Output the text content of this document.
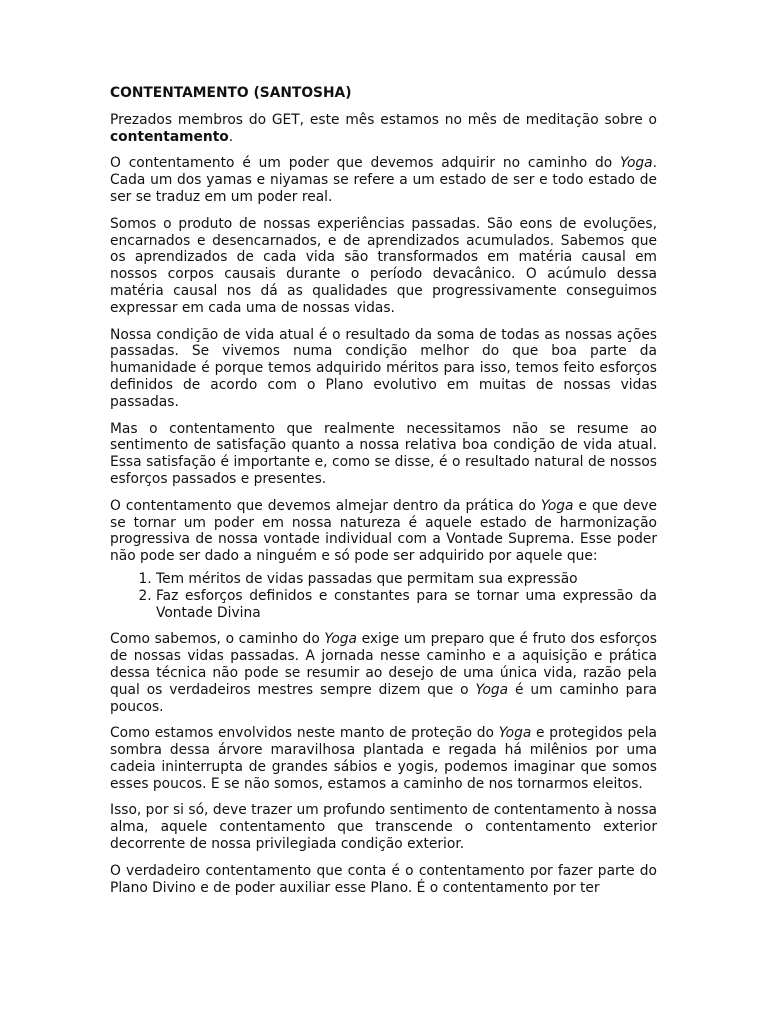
CONTENTAMENTO (SANTOSHA)

Prezados membros do GET, este mês estamos no mês de meditação sobre o contentamento.

O contentamento é um poder que devemos adquirir no caminho do Yoga. Cada um dos yamas e niyamas se refere a um estado de ser e todo estado de ser se traduz em um poder real.

Somos o produto de nossas experiências passadas. São eons de evoluções, encarnados e desencarnados, e de aprendizados acumulados. Sabemos que os aprendizados de cada vida são transformados em matéria causal em nossos corpos causais durante o período devacânico. O acúmulo dessa matéria causal nos dá as qualidades que progressivamente conseguimos expressar em cada uma de nossas vidas.

Nossa condição de vida atual é o resultado da soma de todas as nossas ações passadas. Se vivemos numa condição melhor do que boa parte da humanidade é porque temos adquirido méritos para isso, temos feito esforços definidos de acordo com o Plano evolutivo em muitas de nossas vidas passadas.

Mas o contentamento que realmente necessitamos não se resume ao sentimento de satisfação quanto a nossa relativa boa condição de vida atual. Essa satisfação é importante e, como se disse, é o resultado natural de nossos esforços passados e presentes.

O contentamento que devemos almejar dentro da prática do Yoga e que deve se tornar um poder em nossa natureza é aquele estado de harmonização progressiva de nossa vontade individual com a Vontade Suprema. Esse poder não pode ser dado a ninguém e só pode ser adquirido por aquele que:

1. Tem méritos de vidas passadas que permitam sua expressão
2. Faz esforços definidos e constantes para se tornar uma expressão da Vontade Divina

Como sabemos, o caminho do Yoga exige um preparo que é fruto dos esforços de nossas vidas passadas. A jornada nesse caminho e a aquisição e prática dessa técnica não pode se resumir ao desejo de uma única vida, razão pela qual os verdadeiros mestres sempre dizem que o Yoga é um caminho para poucos.

Como estamos envolvidos neste manto de proteção do Yoga e protegidos pela sombra dessa árvore maravilhosa plantada e regada há milênios por uma cadeia ininterrupta de grandes sábios e yogis, podemos imaginar que somos esses poucos. E se não somos, estamos a caminho de nos tornarmos eleitos.

Isso, por si só, deve trazer um profundo sentimento de contentamento à nossa alma, aquele contentamento que transcende o contentamento exterior decorrente de nossa privilegiada condição exterior.

O verdadeiro contentamento que conta é o contentamento por fazer parte do Plano Divino e de poder auxiliar esse Plano. É o contentamento por ter
